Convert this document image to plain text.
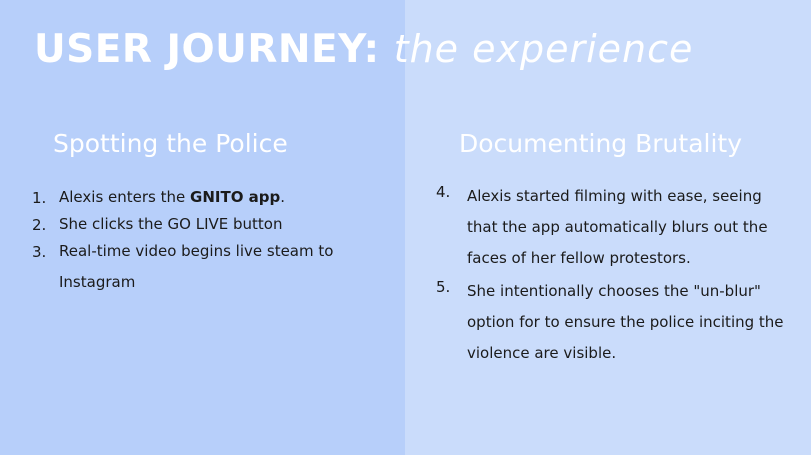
USER JOURNEY: the experience
Spotting the Police	Documenting Brutality
1. Alexis enters the GNITO app.
2. She clicks the GO LIVE button
3. Real-time video begins live steam to Instagram
4.	Alexis started filming with ease, seeing that the app automatically blurs out the faces of her fellow protestors.
5.	She intentionally chooses the "un-blur" option for to ensure the police inciting the violence are visible.
